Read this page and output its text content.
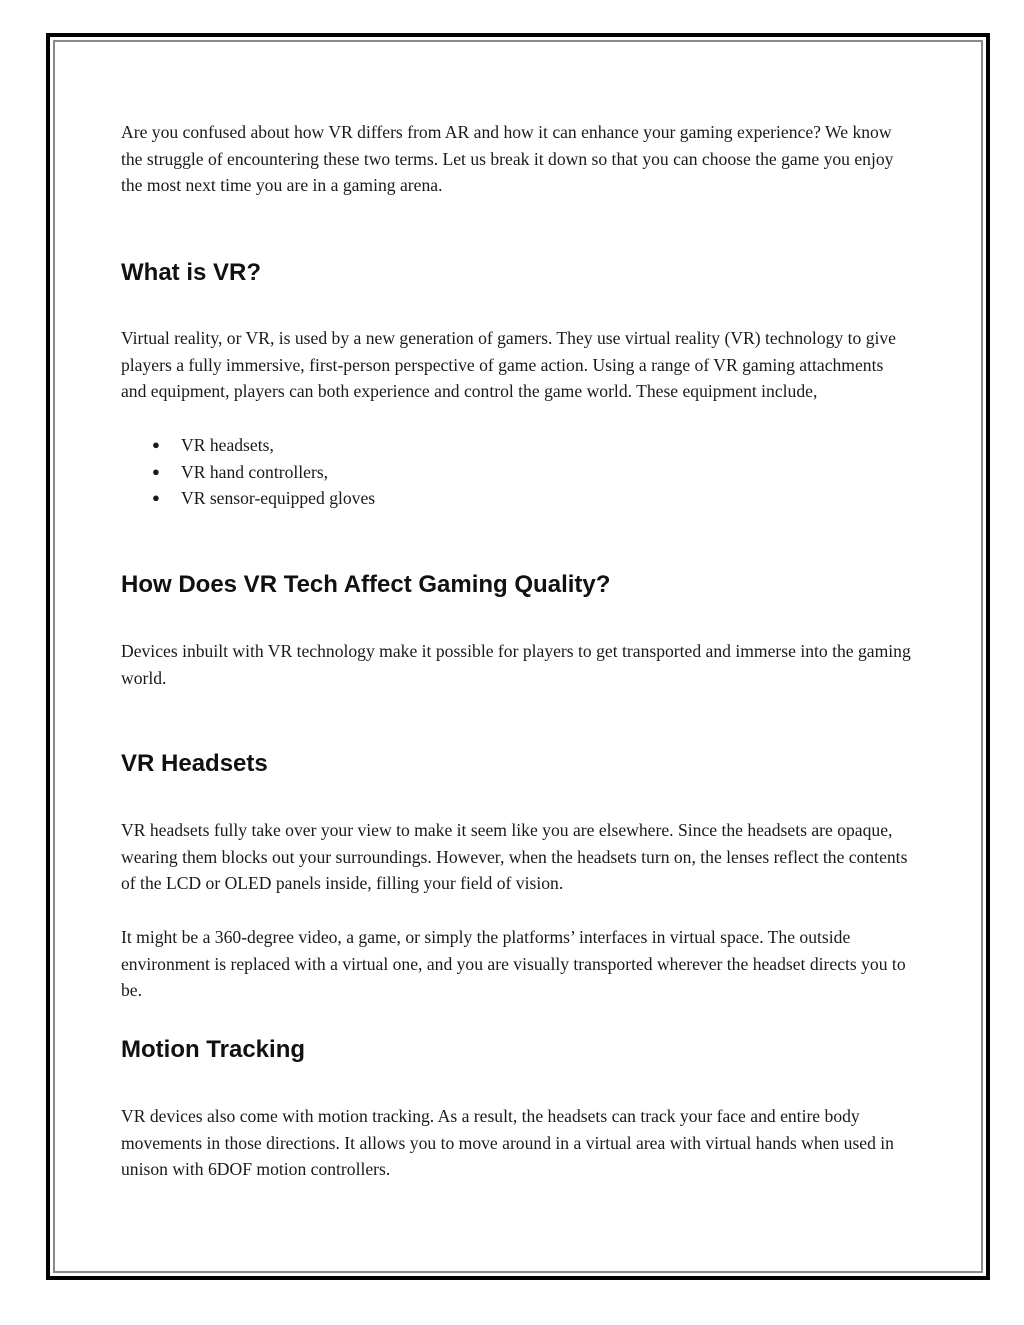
Are you confused about how VR differs from AR and how it can enhance your gaming experience? We know the struggle of encountering these two terms. Let us break it down so that you can choose the game you enjoy the most next time you are in a gaming arena.

What is VR?

Virtual reality, or VR, is used by a new generation of gamers. They use virtual reality (VR) technology to give players a fully immersive, first-person perspective of game action. Using a range of VR gaming attachments and equipment, players can both experience and control the game world. These equipment include,

● VR headsets,
● VR hand controllers,
● VR sensor-equipped gloves
How Does VR Tech Affect Gaming Quality?

Devices inbuilt with VR technology make it possible for players to get transported and immerse into the gaming world.

VR Headsets

VR headsets fully take over your view to make it seem like you are elsewhere. Since the headsets are opaque, wearing them blocks out your surroundings. However, when the headsets turn on, the lenses reflect the contents of the LCD or OLED panels inside, filling your field of vision.

It might be a 360-degree video, a game, or simply the platforms’ interfaces in virtual space. The outside environment is replaced with a virtual one, and you are visually transported wherever the headset directs you to be.

Motion Tracking

VR devices also come with motion tracking. As a result, the headsets can track your face and entire body movements in those directions. It allows you to move around in a virtual area with virtual hands when used in unison with 6DOF motion controllers.
